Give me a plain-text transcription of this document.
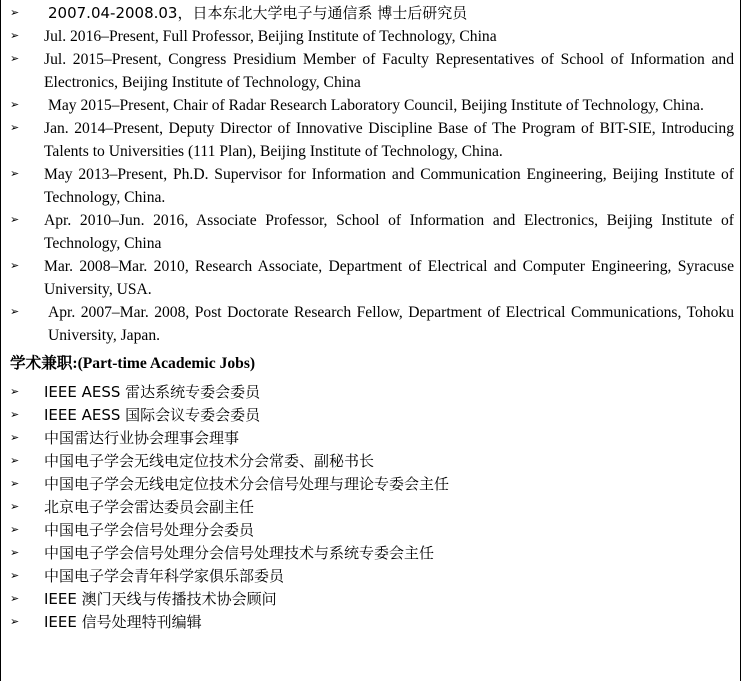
➢ 2007.04-2008.03，日本东北大学电子与通信系 博士后研究员
➢ Jul. 2016–Present, Full Professor, Beijing Institute of Technology, China
➢ Jul. 2015–Present, Congress Presidium Member of Faculty Representatives of School of Information and Electronics, Beijing Institute of Technology, China
➢ May 2015–Present, Chair of Radar Research Laboratory Council, Beijing Institute of Technology, China.
➢ Jan. 2014–Present, Deputy Director of Innovative Discipline Base of The Program of BIT-SIE, Introducing Talents to Universities (111 Plan), Beijing Institute of Technology, China.
➢ May 2013–Present, Ph.D. Supervisor for Information and Communication Engineering, Beijing Institute of Technology, China.
➢ Apr. 2010–Jun. 2016, Associate Professor, School of Information and Electronics, Beijing Institute of Technology, China
➢ Mar. 2008–Mar. 2010, Research Associate, Department of Electrical and Computer Engineering, Syracuse University, USA.
➢ Apr. 2007–Mar. 2008, Post Doctorate Research Fellow, Department of Electrical Communications, Tohoku University, Japan.
学术兼职:(Part-time Academic Jobs)
➢ IEEE AESS 雷达系统专委会委员
➢ IEEE AESS 国际会议专委会委员
➢ 中国雷达行业协会理事会理事
➢ 中国电子学会无线电定位技术分会常委、副秘书长
➢ 中国电子学会无线电定位技术分会信号处理与理论专委会主任
➢ 北京电子学会雷达委员会副主任
➢ 中国电子学会信号处理分会委员
➢ 中国电子学会信号处理分会信号处理技术与系统专委会主任
➢ 中国电子学会青年科学家俱乐部委员
➢ IEEE 澳门天线与传播技术协会顾问
➢ IEEE 信号处理特刊编辑
